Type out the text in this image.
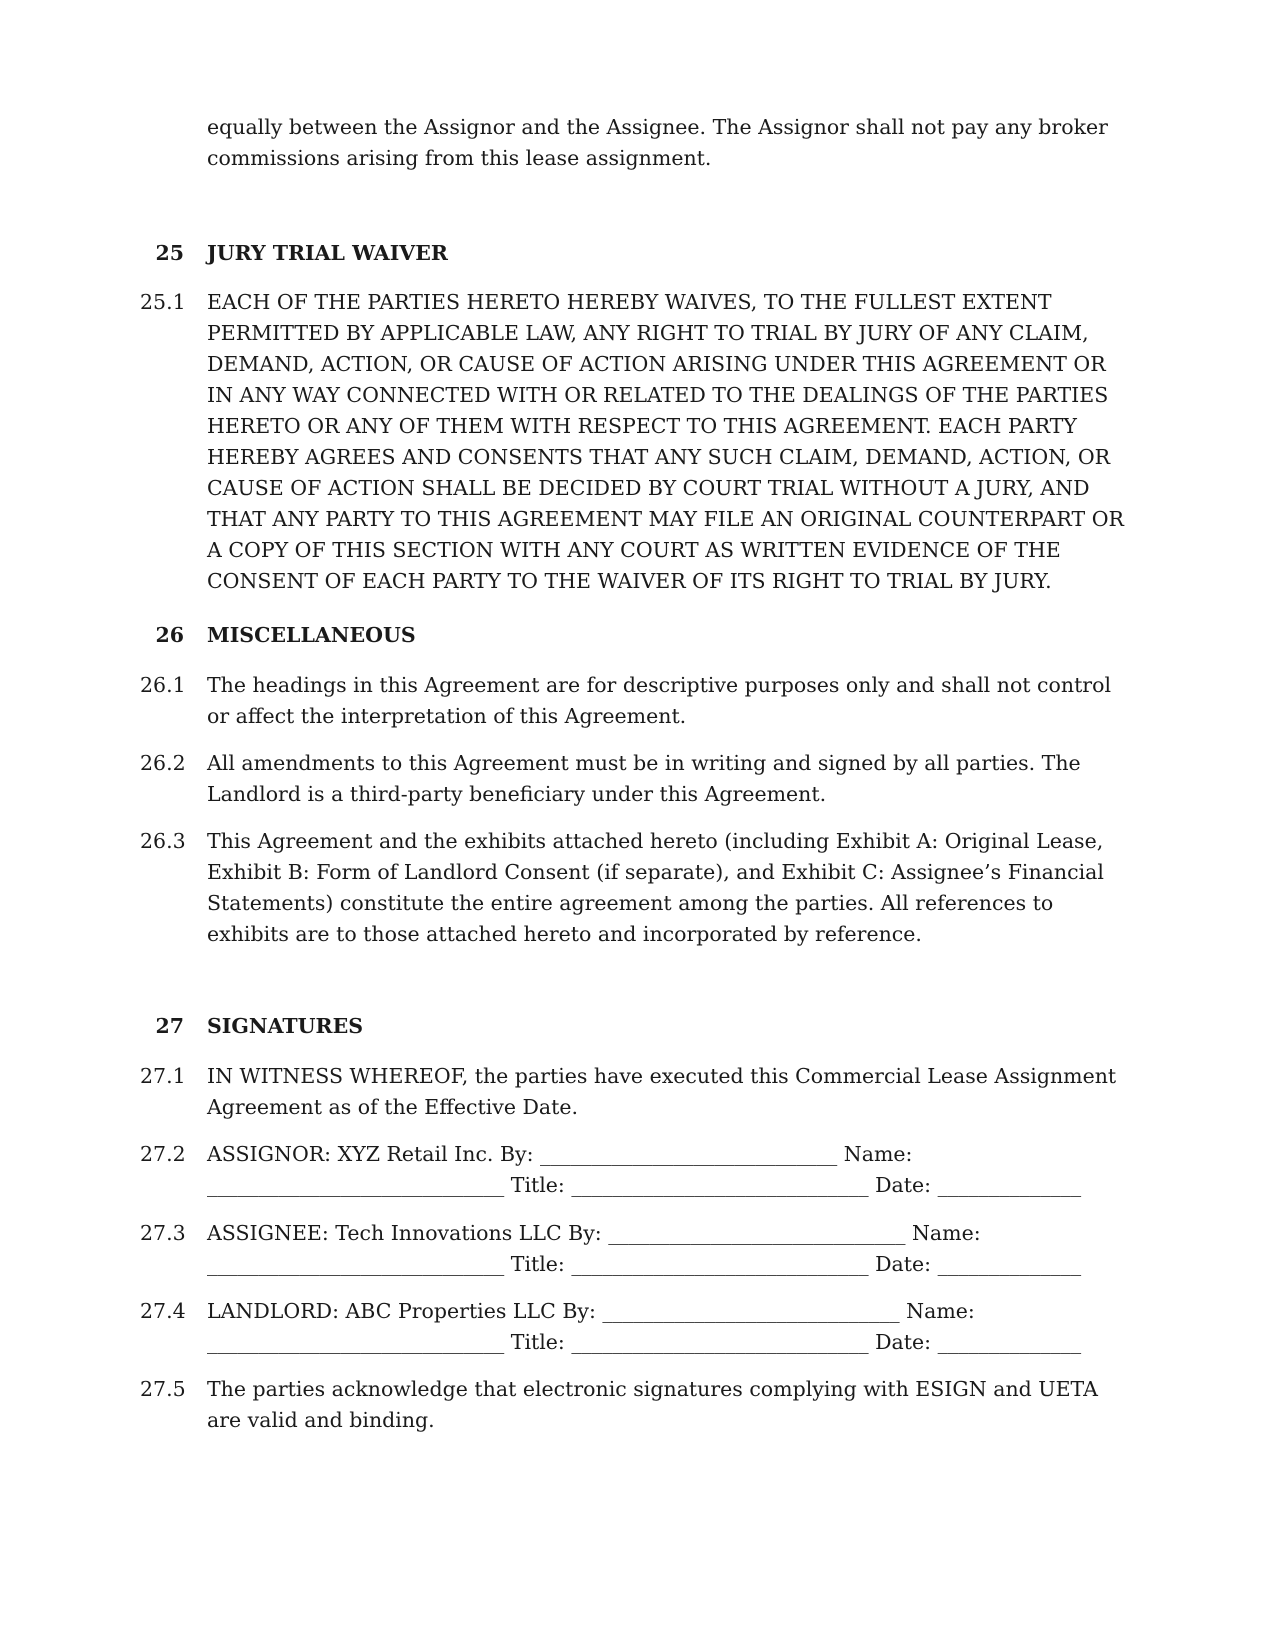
equally between the Assignor and the Assignee. The Assignor shall not pay any broker commissions arising from this lease assignment.

25 JURY TRIAL WAIVER
25.1 EACH OF THE PARTIES HERETO HEREBY WAIVES, TO THE FULLEST EXTENT PERMITTED BY APPLICABLE LAW, ANY RIGHT TO TRIAL BY JURY OF ANY CLAIM, DEMAND, ACTION, OR CAUSE OF ACTION ARISING UNDER THIS AGREEMENT OR IN ANY WAY CONNECTED WITH OR RELATED TO THE DEALINGS OF THE PARTIES HERETO OR ANY OF THEM WITH RESPECT TO THIS AGREEMENT. EACH PARTY HEREBY AGREES AND CONSENTS THAT ANY SUCH CLAIM, DEMAND, ACTION, OR CAUSE OF ACTION SHALL BE DECIDED BY COURT TRIAL WITHOUT A JURY, AND THAT ANY PARTY TO THIS AGREEMENT MAY FILE AN ORIGINAL COUNTERPART OR A COPY OF THIS SECTION WITH ANY COURT AS WRITTEN EVIDENCE OF THE CONSENT OF EACH PARTY TO THE WAIVER OF ITS RIGHT TO TRIAL BY JURY.

26 MISCELLANEOUS
26.1 The headings in this Agreement are for descriptive purposes only and shall not control or affect the interpretation of this Agreement.

26.2 All amendments to this Agreement must be in writing and signed by all parties. The Landlord is a third-party beneficiary under this Agreement.

26.3 This Agreement and the exhibits attached hereto (including Exhibit A: Original Lease, Exhibit B: Form of Landlord Consent (if separate), and Exhibit C: Assignee’s Financial Statements) constitute the entire agreement among the parties. All references to exhibits are to those attached hereto and incorporated by reference.

27 SIGNATURES
27.1 IN WITNESS WHEREOF, the parties have executed this Commercial Lease Assignment Agreement as of the Effective Date.

27.2 ASSIGNOR: XYZ Retail Inc. By: _____________________________ Name: _____________________________ Title: _____________________________ Date: ______________

27.3 ASSIGNEE: Tech Innovations LLC By: _____________________________ Name: _____________________________ Title: _____________________________ Date: ______________

27.4 LANDLORD: ABC Properties LLC By: _____________________________ Name: _____________________________ Title: _____________________________ Date: ______________

27.5 The parties acknowledge that electronic signatures complying with ESIGN and UETA are valid and binding.
